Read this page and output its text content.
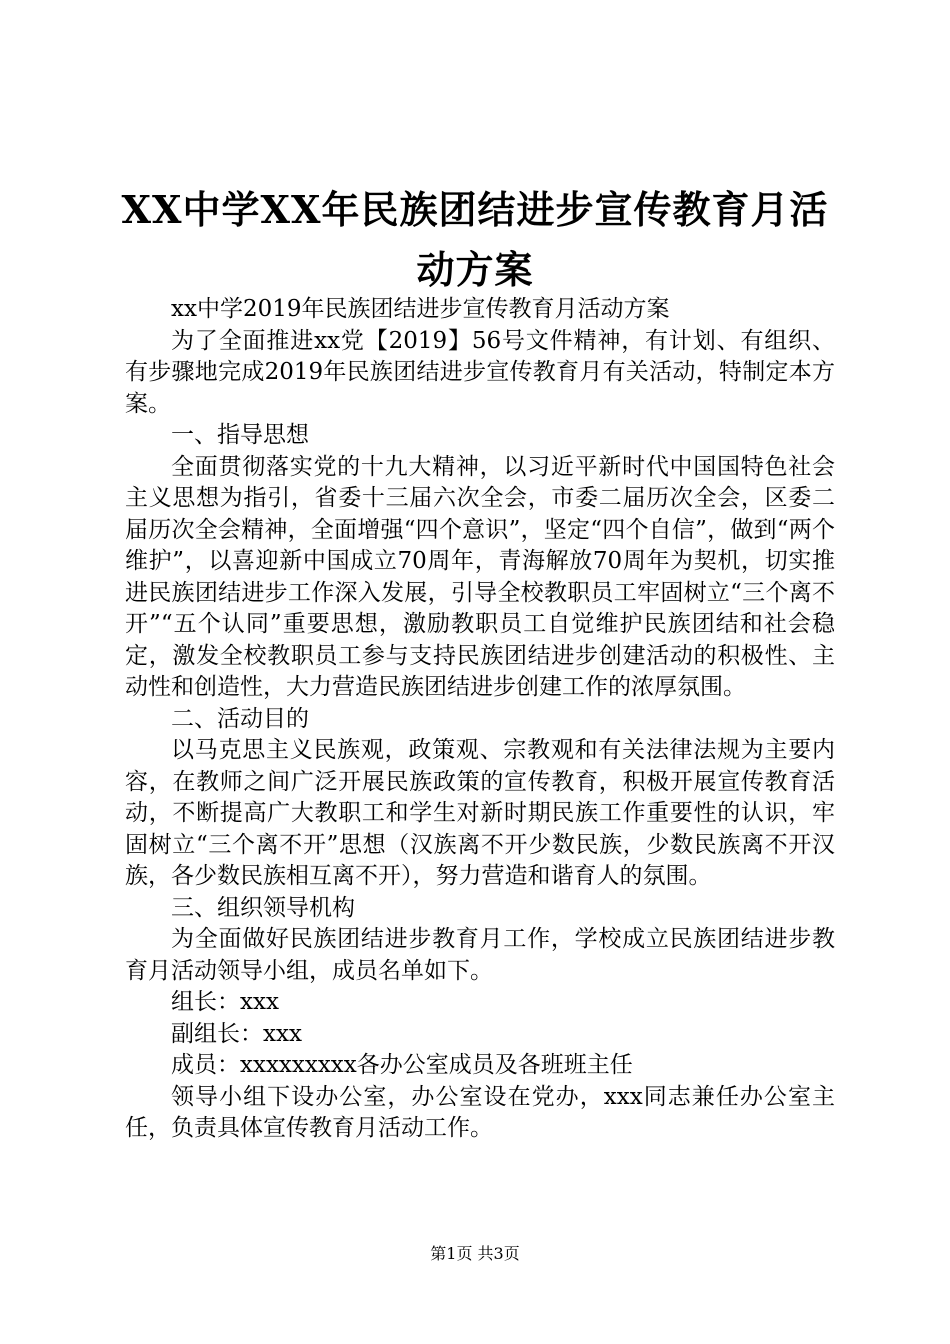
XX中学XX年民族团结进步宣传教育月活动方案

xx中学2019年民族团结进步宣传教育月活动方案

为了全面推进xx党【2019】56号文件精神，有计划、有组织、有步骤地完成2019年民族团结进步宣传教育月有关活动，特制定本方案。

一、指导思想

全面贯彻落实党的十九大精神，以习近平新时代中国国特色社会主义思想为指引，省委十三届六次全会，市委二届历次全会，区委二届历次全会精神，全面增强“四个意识”，坚定“四个自信”，做到“两个维护”，以喜迎新中国成立70周年，青海解放70周年为契机，切实推进民族团结进步工作深入发展，引导全校教职员工牢固树立“三个离不开”“五个认同”重要思想，激励教职员工自觉维护民族团结和社会稳定，激发全校教职员工参与支持民族团结进步创建活动的积极性、主动性和创造性，大力营造民族团结进步创建工作的浓厚氛围。

二、活动目的

以马克思主义民族观，政策观、宗教观和有关法律法规为主要内容，在教师之间广泛开展民族政策的宣传教育，积极开展宣传教育活动，不断提高广大教职工和学生对新时期民族工作重要性的认识，牢固树立“三个离不开”思想（汉族离不开少数民族，少数民族离不开汉族，各少数民族相互离不开），努力营造和谐育人的氛围。

三、组织领导机构

为全面做好民族团结进步教育月工作，学校成立民族团结进步教育月活动领导小组，成员名单如下。

组长：xxx

副组长：xxx

成员：xxxxxxxxx各办公室成员及各班班主任

领导小组下设办公室，办公室设在党办，xxx同志兼任办公室主任，负责具体宣传教育月活动工作。

第1页 共3页
